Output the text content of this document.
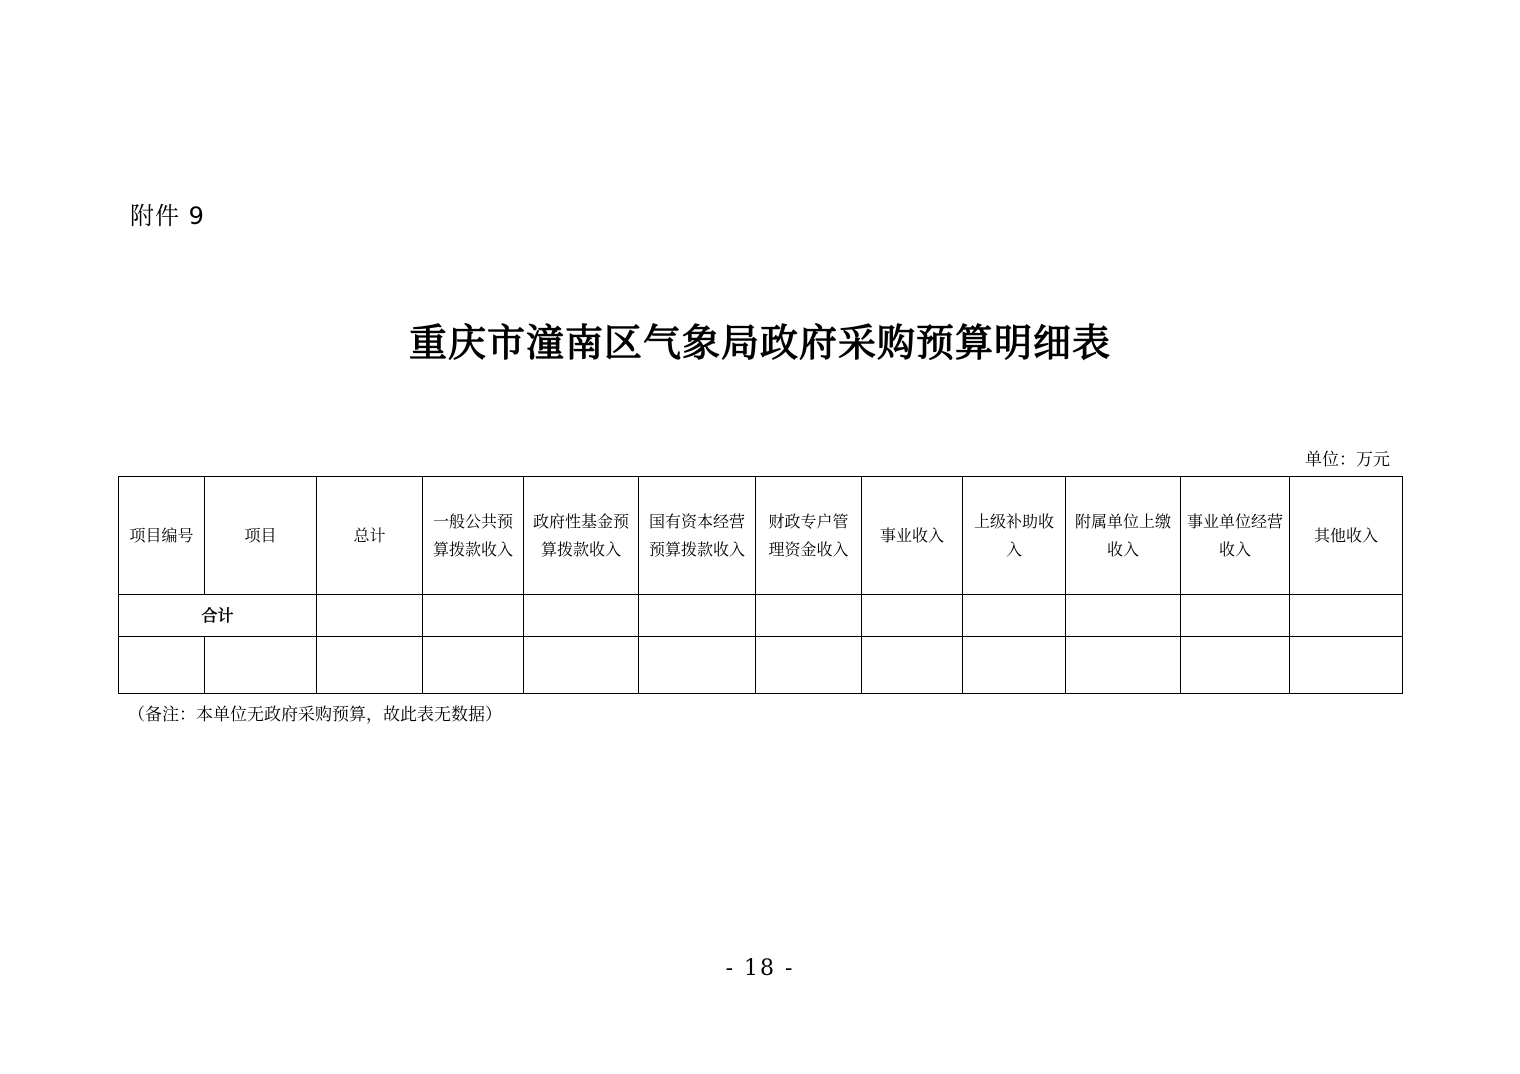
附件 9
重庆市潼南区气象局政府采购预算明细表
单位：万元
项目编号	项目	总计	一般公共预算拨款收入	政府性基金预算拨款收入	国有资本经营预算拨款收入	财政专户管理资金收入	事业收入	上级补助收入	附属单位上缴收入	事业单位经营收入	其他收入
合计											

（备注：本单位无政府采购预算，故此表无数据）
- 18 -
